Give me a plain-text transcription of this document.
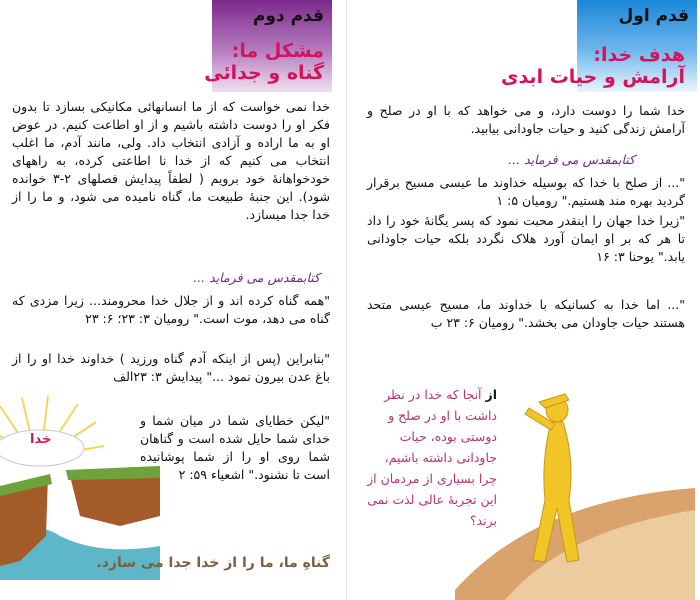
قدم دوم
مشکل ما:
گناه و جدائی
خدا نمی خواست که از ما انسانهائی مکانیکی بسازد تا بدون فکر او را دوست داشته باشیم و از او اطاعت کنیم. در عوض او به ما اراده و آزادی انتخاب داد. ولی، مانند آدم، ما اغلب انتخاب می کنیم که از خدا نا اطاعتی کرده، به راههای خودخواهانهٔ خود برویم ( لطفاً پیدایش فصلهای ۲-۳ خوانده شود). این جنبهٔ طبیعت ما، گناه نامیده می شود، و ما را از خدا جدا میسازد.
کتابمقدس می فرماید ...
"همه گناه کرده اند و از جلال خدا محرومند... زیرا مزدی که گناه می دهد، موت است." رومیان ۳: ۲۳؛ ۶: ۲۳
"بنابراین (پس از اینکه آدم گناه ورزید ) خداوند خدا او را از باغ عدن بیرون نمود ..." پیدایش ۳: ۲۳الف
"لیکن خطایای شما در میان شما و خدای شما حایل شده است و گناهان شما روی او را از شما پوشانیده است تا نشنود." اشعیاء ۵۹: ۲
خدا
گناهِ ما، ما را از خدا جدا می سازد.
قدم اول
هدف خدا:
آرامش و حیات ابدی
خدا شما را دوست دارد، و می خواهد که با او در صلح و آرامش زندگی کنید و حیات جاودانی بیابید.
کتابمقدس می فرماید ...
"... از صلح با خدا که بوسیله خداوند ما عیسی مسیح برقرار گردید بهره مند هستیم." رومیان ۵: ۱
"زیرا خدا جهان را اینقدر محبت نمود که پسر یگانهٔ خود را داد تا هر که بر او ایمان آورد هلاک نگردد بلکه حیات جاودانی یابد." یوحنا ۳: ۱۶
"... اما خدا به کسانیکه با خداوند ما، مسیح عیسی متحد هستند حیات جاودان می بخشد." رومیان ۶: ۲۳ ب
از آنجا که خدا در نظر داشت با او در صلح و دوستی بوده، حیات جاودانی داشته باشیم، چرا بسیاری از مردمان از این تجربهٔ عالی لذت نمی برند؟
